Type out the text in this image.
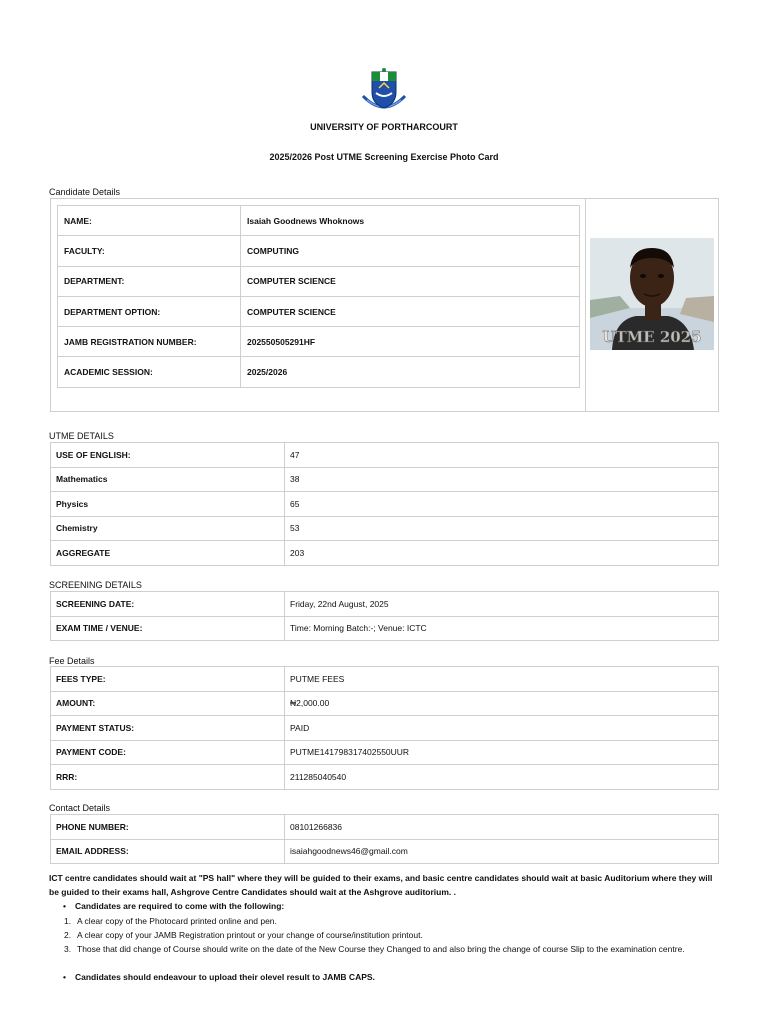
UNIVERSITY OF PORTHARCOURT
2025/2026 Post UTME Screening Exercise Photo Card
Candidate Details
NAME:	Isaiah Goodnews Whoknows
FACULTY:	COMPUTING
DEPARTMENT:	COMPUTER SCIENCE
DEPARTMENT OPTION:	COMPUTER SCIENCE
JAMB REGISTRATION NUMBER:	202550505291HF
ACADEMIC SESSION:	2025/2026
UTME 2025
UTME DETAILS
USE OF ENGLISH:	47
Mathematics	38
Physics	65
Chemistry	53
AGGREGATE	203
SCREENING DETAILS
SCREENING DATE:	Friday, 22nd August, 2025
EXAM TIME / VENUE:	Time: Morning Batch:-; Venue: ICTC
Fee Details
FEES TYPE:	PUTME FEES
AMOUNT:	₦2,000.00
PAYMENT STATUS:	PAID
PAYMENT CODE:	PUTME141798317402550UUR
RRR:	211285040540
Contact Details
PHONE NUMBER:	08101266836
EMAIL ADDRESS:	isaiahgoodnews46@gmail.com
ICT centre candidates should wait at "PS hall" where they will be guided to their exams, and basic centre candidates should wait at basic Auditorium where they will be guided to their exams hall, Ashgrove Centre Candidates should wait at the Ashgrove auditorium. .
• Candidates are required to come with the following:
1. A clear copy of the Photocard printed online and pen.
2. A clear copy of your JAMB Registration printout or your change of course/institution printout.
3. Those that did change of Course should write on the date of the New Course they Changed to and also bring the change of course Slip to the examination centre.
• Candidates should endeavour to upload their olevel result to JAMB CAPS.
